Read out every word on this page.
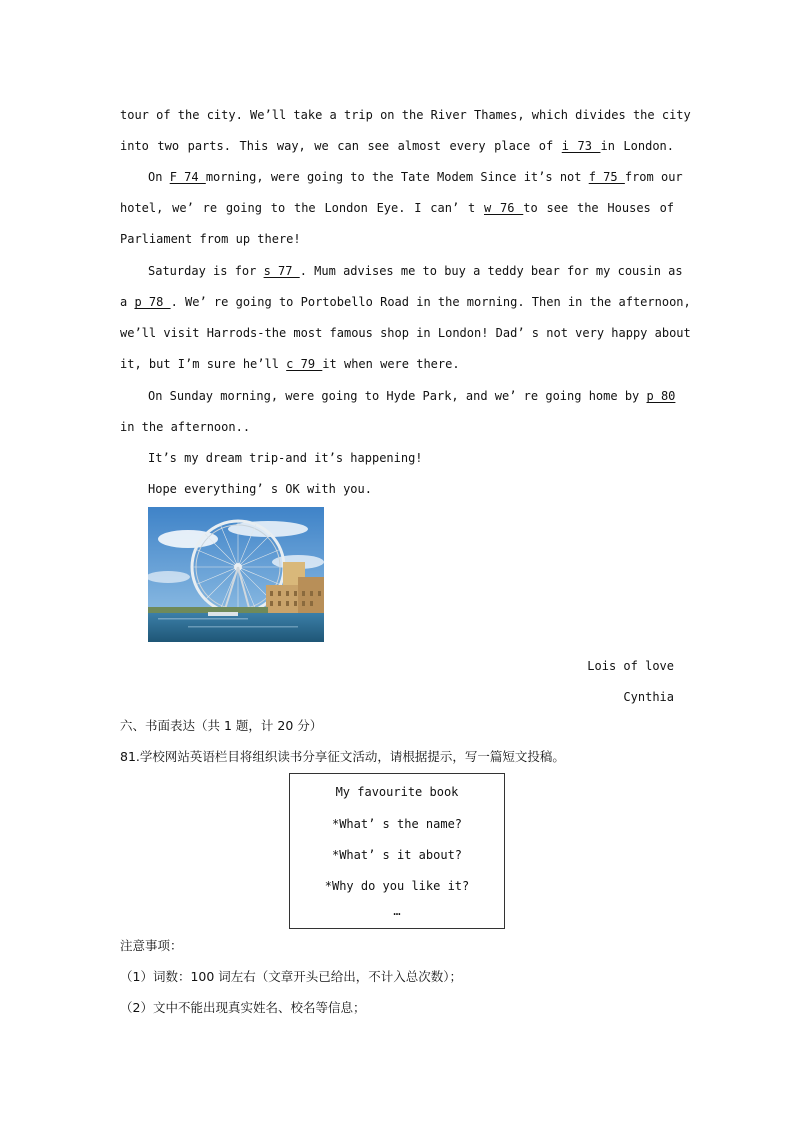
tour of the city. We’ll take a trip on the River Thames, which divides the city
into two parts. This way, we can see almost every place of i 73 in London.
On F 74 morning, were going to the Tate Modem Since it’s not f 75 from our
hotel, we’ re going to the London Eye. I can’ t w 76 to see the Houses of
Parliament from up there!
Saturday is for s 77 . Mum advises me to buy a teddy bear for my cousin as
a p 78 . We’ re going to Portobello Road in the morning. Then in the afternoon,
we’ll visit Harrods-the most famous shop in London! Dad’ s not very happy about
it, but I’m sure he’ll c 79 it when were there.
On Sunday morning, were going to Hyde Park, and we’ re going home by p 80
in the afternoon..
It’s my dream trip-and it’s happening!
Hope everything’ s OK with you.
Lois of love
Cynthia
六、书面表达（共 1 题，计 20 分）
81.学校网站英语栏目将组织读书分享征文活动，请根据提示，写一篇短文投稿。
My favourite book
*What’ s the name?
*What’ s it about?
*Why do you like it?
…
注意事项：
（1）词数：100 词左右（文章开头已给出，不计入总次数）；
（2）文中不能出现真实姓名、校名等信息；
